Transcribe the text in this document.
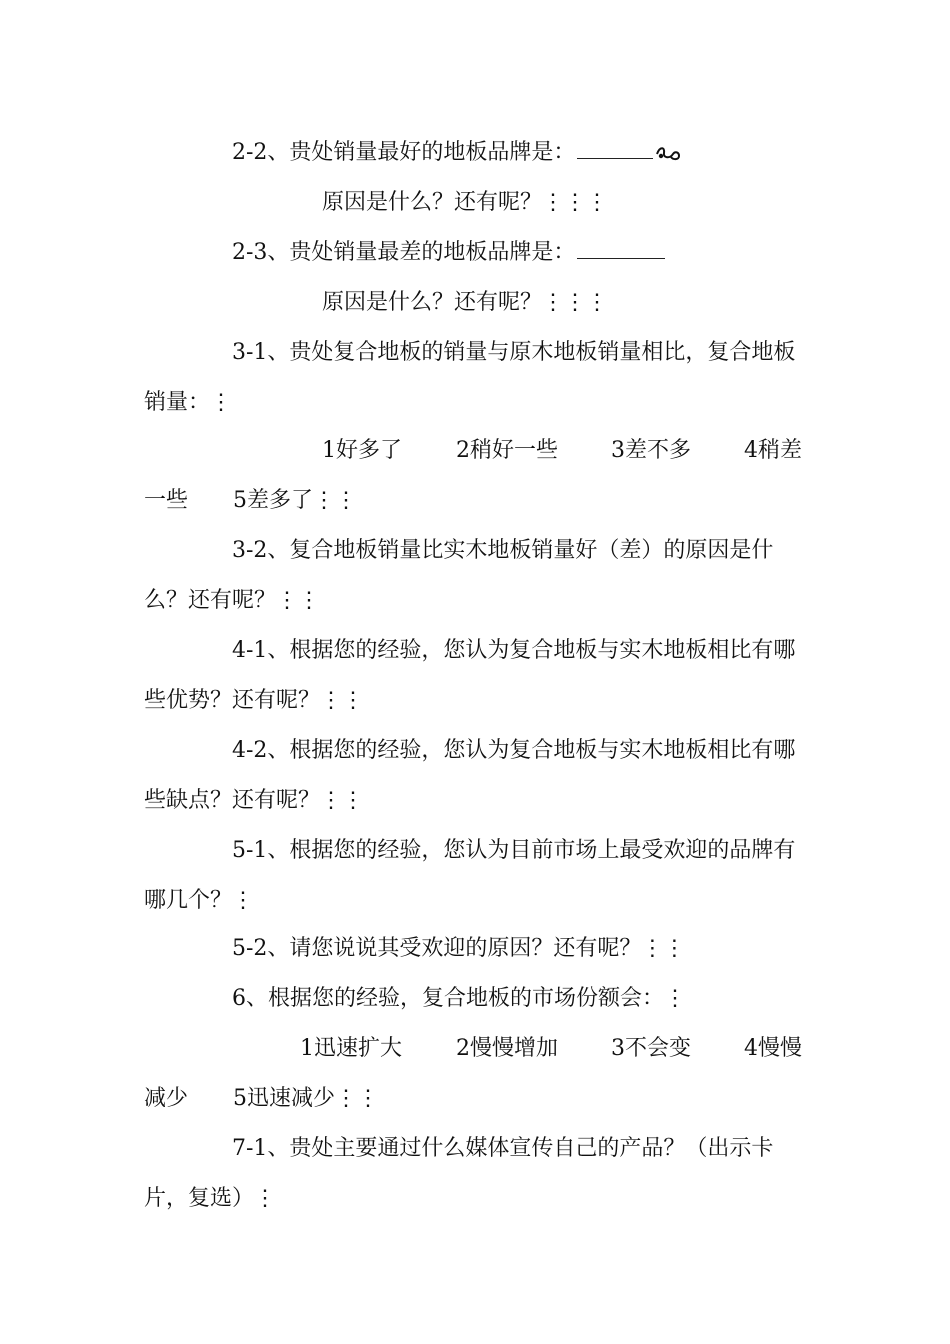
2-2、贵处销量最好的地板品牌是：
原因是什么？还有呢？⋮⋮⋮
2-3、贵处销量最差的地板品牌是：
原因是什么？还有呢？⋮⋮⋮
3-1、贵处复合地板的销量与原木地板销量相比，复合地板
销量：⋮
1好多了 2稍好一些 3差不多 4稍差
一些 5差多了⋮⋮
3-2、复合地板销量比实木地板销量好（差）的原因是什
么？还有呢？⋮⋮
4-1、根据您的经验，您认为复合地板与实木地板相比有哪
些优势？还有呢？⋮⋮
4-2、根据您的经验，您认为复合地板与实木地板相比有哪
些缺点？还有呢？⋮⋮
5-1、根据您的经验，您认为目前市场上最受欢迎的品牌有
哪几个？⋮
5-2、请您说说其受欢迎的原因？还有呢？⋮⋮
6、根据您的经验，复合地板的市场份额会：⋮
1迅速扩大 2慢慢增加 3不会变 4慢慢
减少 5迅速减少⋮⋮
7-1、贵处主要通过什么媒体宣传自己的产品？（出示卡
片，复选）⋮
